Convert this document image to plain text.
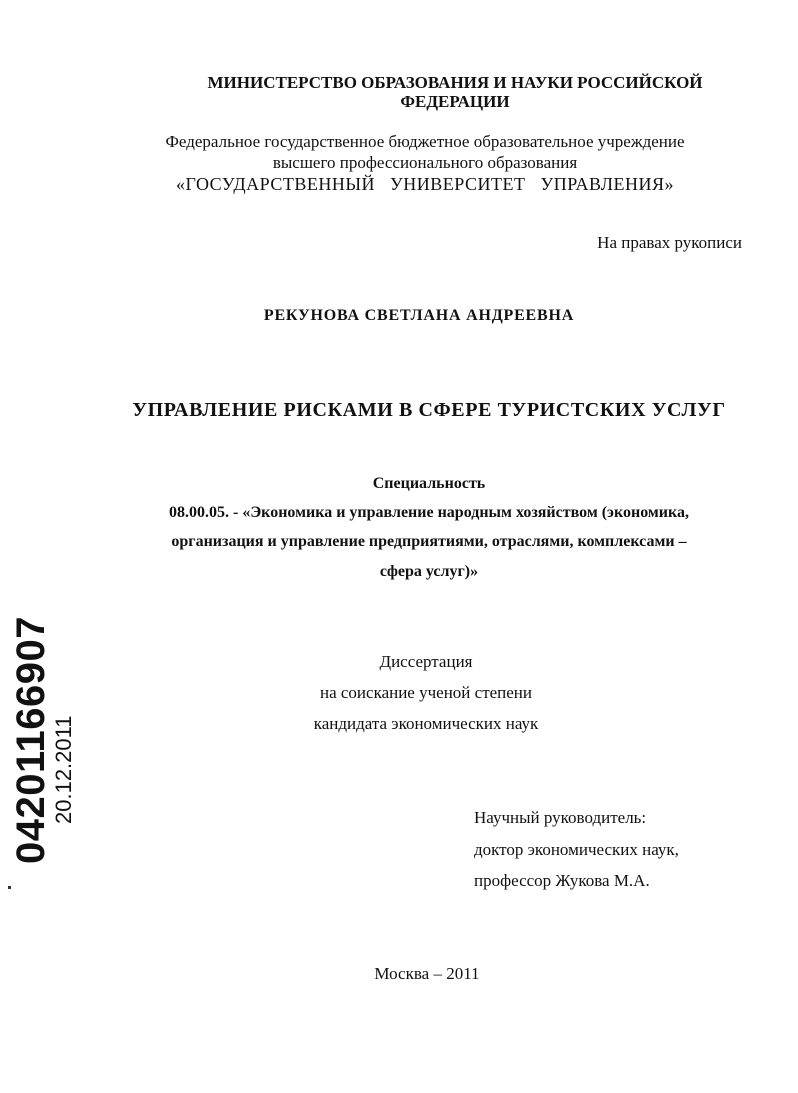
МИНИСТЕРСТВО ОБРАЗОВАНИЯ И НАУКИ РОССИЙСКОЙ
ФЕДЕРАЦИИ
Федеральное государственное бюджетное образовательное учреждение
высшего профессионального образования
«ГОСУДАРСТВЕННЫЙ УНИВЕРСИТЕТ УПРАВЛЕНИЯ»
На правах рукописи
РЕКУНОВА СВЕТЛАНА АНДРЕЕВНА
УПРАВЛЕНИЕ РИСКАМИ В СФЕРЕ ТУРИСТСКИХ УСЛУГ
Специальность
08.00.05. - «Экономика и управление народным хозяйством (экономика,
организация и управление предприятиями, отраслями, комплексами –
сфера услуг)»
Диссертация
на соискание ученой степени
кандидата экономических наук
Научный руководитель:
доктор экономических наук,
профессор Жукова М.А.
Москва – 2011
04201166907
20.12.2011
